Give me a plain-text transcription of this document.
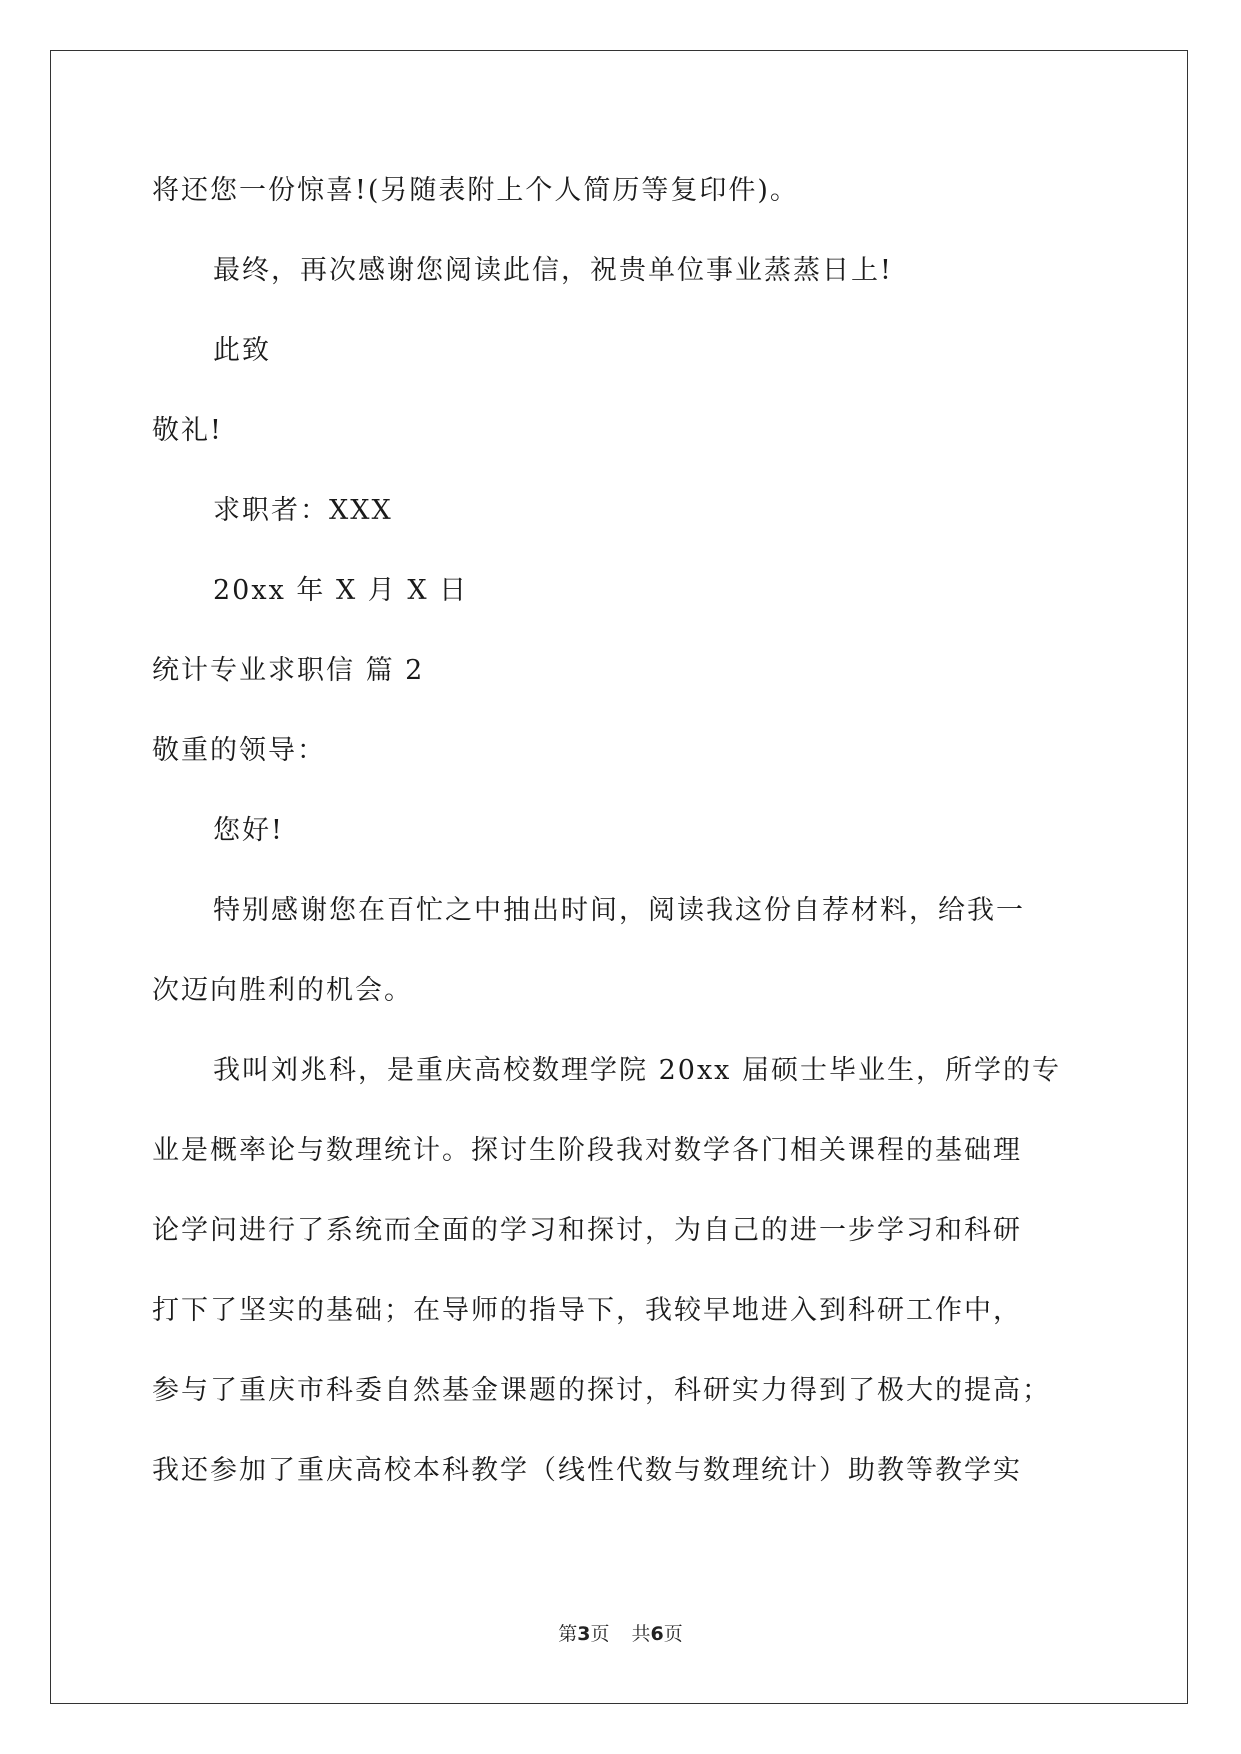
将还您一份惊喜!(另随表附上个人简历等复印件)。
最终，再次感谢您阅读此信，祝贵单位事业蒸蒸日上!
此致
敬礼!
求职者：XXX
20xx 年 X 月 X 日
统计专业求职信 篇 2
敬重的领导：
您好!
特别感谢您在百忙之中抽出时间，阅读我这份自荐材料，给我一
次迈向胜利的机会。
我叫刘兆科，是重庆高校数理学院 20xx 届硕士毕业生，所学的专
业是概率论与数理统计。探讨生阶段我对数学各门相关课程的基础理
论学问进行了系统而全面的学习和探讨，为自己的进一步学习和科研
打下了坚实的基础；在导师的指导下，我较早地进入到科研工作中，
参与了重庆市科委自然基金课题的探讨，科研实力得到了极大的提高；
我还参加了重庆高校本科教学（线性代数与数理统计）助教等教学实
第3页 共6页
